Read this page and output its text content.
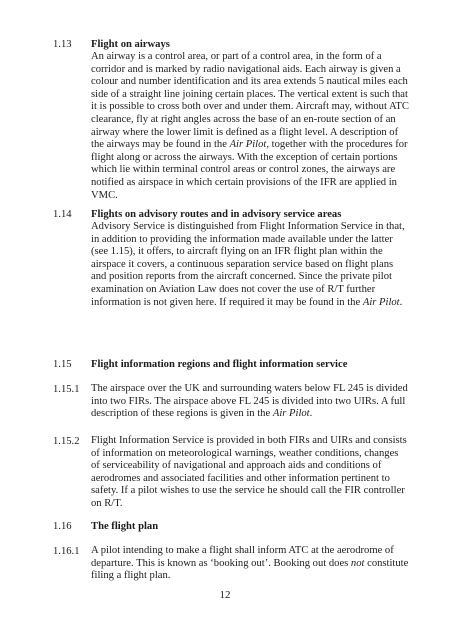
1.13 Flight on airways

An airway is a control area, or part of a control area, in the form of a corridor and is marked by radio navigational aids. Each airway is given a colour and number identification and its area extends 5 nautical miles each side of a straight line joining certain places. The vertical extent is such that it is possible to cross both over and under them. Aircraft may, without ATC clearance, fly at right angles across the base of an en-route section of an airway where the lower limit is defined as a flight level. A description of the airways may be found in the Air Pilot, together with the procedures for flight along or across the airways. With the exception of certain portions which lie within terminal control areas or control zones, the airways are notified as airspace in which certain provisions of the IFR are applied in VMC.

1.14 Flights on advisory routes and in advisory service areas

Advisory Service is distinguished from Flight Information Service in that, in addition to providing the information made available under the latter (see 1.15), it offers, to aircraft flying on an IFR flight plan within the airspace it covers, a continuous separation service based on flight plans and position reports from the aircraft concerned. Since the private pilot examination on Aviation Law does not cover the use of R/T further information is not given here. If required it may be found in the Air Pilot.

1.15 Flight information regions and flight information service

1.15.1 The airspace over the UK and surrounding waters below FL 245 is divided into two FIRs. The airspace above FL 245 is divided into two UIRs. A full description of these regions is given in the Air Pilot.

1.15.2 Flight Information Service is provided in both FIRs and UIRs and consists of information on meteorological warnings, weather conditions, changes of serviceability of navigational and approach aids and conditions of aerodromes and associated facilities and other information pertinent to safety. If a pilot wishes to use the service he should call the FIR controller on R/T.

1.16 The flight plan

1.16.1 A pilot intending to make a flight shall inform ATC at the aerodrome of departure. This is known as ‘booking out’. Booking out does not constitute filing a flight plan.

12
